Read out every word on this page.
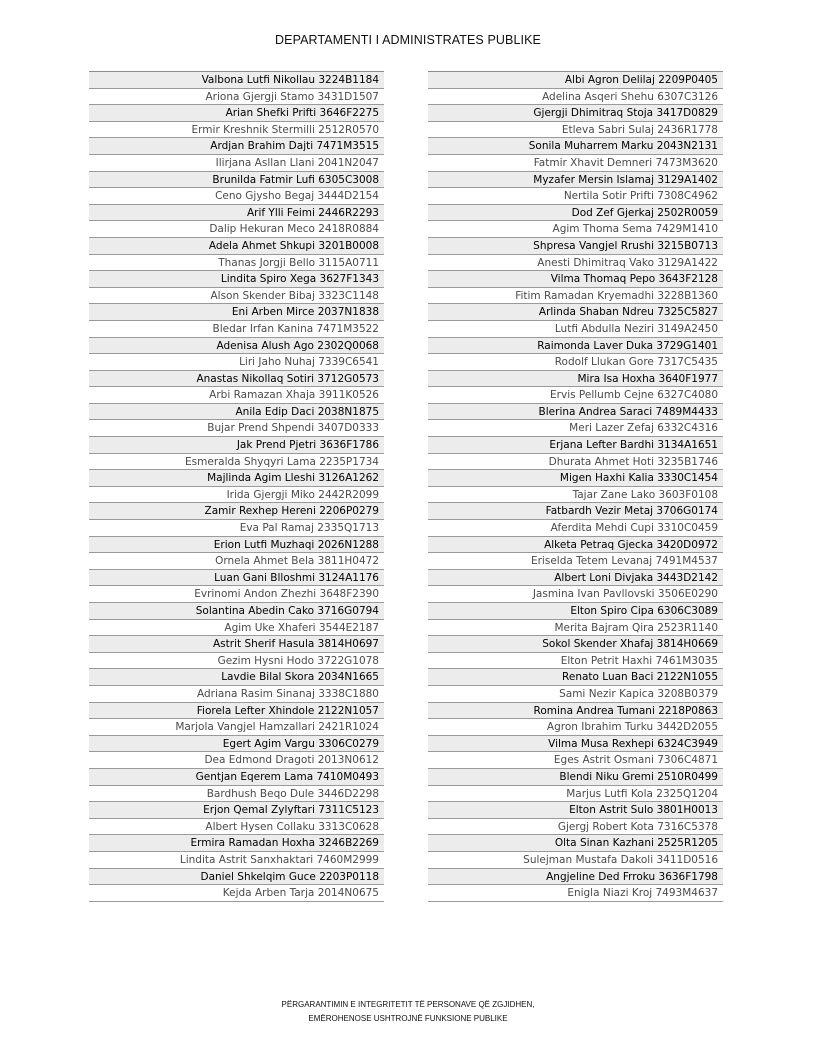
DEPARTAMENTI I ADMINISTRATES PUBLIKE
Valbona Lutfi Nikollau 3224B1184
Ariona Gjergji Stamo 3431D1507
Arian Shefki Prifti 3646F2275
Ermir Kreshnik Stermilli 2512R0570
Ardjan Brahim Dajti 7471M3515
Ilirjana Asllan Llani 2041N2047
Brunilda Fatmir Lufi 6305C3008
Ceno Gjysho Begaj 3444D2154
Arif Ylli Feimi 2446R2293
Dalip Hekuran Meco 2418R0884
Adela Ahmet Shkupi 3201B0008
Thanas Jorgji Bello 3115A0711
Lindita Spiro Xega 3627F1343
Alson Skender Bibaj 3323C1148
Eni Arben Mirce 2037N1838
Bledar Irfan Kanina 7471M3522
Adenisa Alush Ago 2302Q0068
Liri Jaho Nuhaj 7339C6541
Anastas Nikollaq Sotiri 3712G0573
Arbi Ramazan Xhaja 3911K0526
Anila Edip Daci 2038N1875
Bujar Prend Shpendi 3407D0333
Jak Prend Pjetri 3636F1786
Esmeralda Shyqyri Lama 2235P1734
Majlinda Agim Lleshi 3126A1262
Irida Gjergji Miko 2442R2099
Zamir Rexhep Hereni 2206P0279
Eva Pal Ramaj 2335Q1713
Erion Lutfi Muzhaqi 2026N1288
Ornela Ahmet Bela 3811H0472
Luan Gani Blloshmi 3124A1176
Evrinomi Andon Zhezhi 3648F2390
Solantina Abedin Cako 3716G0794
Agim Uke Xhaferi 3544E2187
Astrit Sherif Hasula 3814H0697
Gezim Hysni Hodo 3722G1078
Lavdie Bilal Skora 2034N1665
Adriana Rasim Sinanaj 3338C1880
Fiorela Lefter Xhindole 2122N1057
Marjola Vangjel Hamzallari 2421R1024
Egert Agim Vargu 3306C0279
Dea Edmond Dragoti 2013N0612
Gentjan Eqerem Lama 7410M0493
Bardhush Beqo Dule 3446D2298
Erjon Qemal Zylyftari 7311C5123
Albert Hysen Collaku 3313C0628
Ermira Ramadan Hoxha 3246B2269
Lindita Astrit Sanxhaktari 7460M2999
Daniel Shkelqim Guce 2203P0118
Kejda Arben Tarja 2014N0675
Albi Agron Delilaj 2209P0405
Adelina Asqeri Shehu 6307C3126
Gjergji Dhimitraq Stoja 3417D0829
Etleva Sabri Sulaj 2436R1778
Sonila Muharrem Marku 2043N2131
Fatmir Xhavit Demneri 7473M3620
Myzafer Mersin Islamaj 3129A1402
Nertila Sotir Prifti 7308C4962
Dod Zef Gjerkaj 2502R0059
Agim Thoma Sema 7429M1410
Shpresa Vangjel Rrushi 3215B0713
Anesti Dhimitraq Vako 3129A1422
Vilma Thomaq Pepo 3643F2128
Fitim Ramadan Kryemadhi 3228B1360
Arlinda Shaban Ndreu 7325C5827
Lutfi Abdulla Neziri 3149A2450
Raimonda Laver Duka 3729G1401
Rodolf Llukan Gore 7317C5435
Mira Isa Hoxha 3640F1977
Ervis Pellumb Cejne 6327C4080
Blerina Andrea Saraci 7489M4433
Meri Lazer Zefaj 6332C4316
Erjana Lefter Bardhi 3134A1651
Dhurata Ahmet Hoti 3235B1746
Migen Haxhi Kalia 3330C1454
Tajar Zane Lako 3603F0108
Fatbardh Vezir Metaj 3706G0174
Aferdita Mehdi Cupi 3310C0459
Alketa Petraq Gjecka 3420D0972
Eriselda Tetem Levanaj 7491M4537
Albert Loni Divjaka 3443D2142
Jasmina Ivan Pavllovski 3506E0290
Elton Spiro Cipa 6306C3089
Merita Bajram Qira 2523R1140
Sokol Skender Xhafaj 3814H0669
Elton Petrit Haxhi 7461M3035
Renato Luan Baci 2122N1055
Sami Nezir Kapica 3208B0379
Romina Andrea Tumani 2218P0863
Agron Ibrahim Turku 3442D2055
Vilma Musa Rexhepi 6324C3949
Eges Astrit Osmani 7306C4871
Blendi Niku Gremi 2510R0499
Marjus Lutfi Kola 2325Q1204
Elton Astrit Sulo 3801H0013
Gjergj Robert Kota 7316C5378
Olta Sinan Kazhani 2525R1205
Sulejman Mustafa Dakoli 3411D0516
Angjeline Ded Frroku 3636F1798
Enigla Niazi Kroj 7493M4637
PËRGARANTIMIN E INTEGRITETIT TË PERSONAVE QË ZGJIDHEN,
EMËROHENOSE USHTROJNË FUNKSIONE PUBLIKE
